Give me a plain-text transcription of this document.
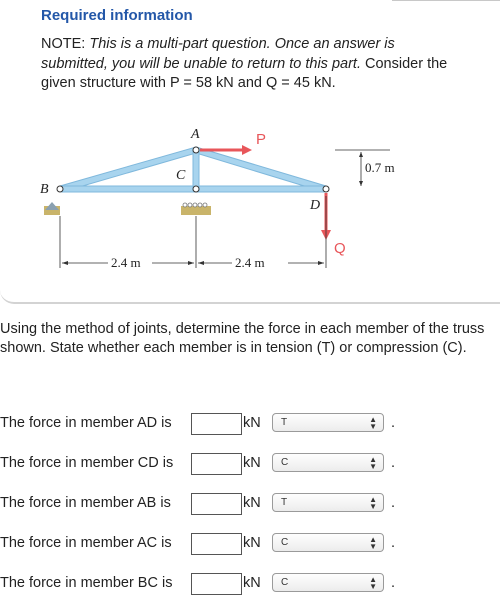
Required information
NOTE: This is a multi-part question. Once an answer is submitted, you will be unable to return to this part. Consider the given structure with P = 58 kN and Q = 45 kN.
A
B
C
D
P
Q
0.7 m
2.4 m	2.4 m
Using the method of joints, determine the force in each member of the truss shown. State whether each member is in tension (T) or compression (C).
The force in member AD is	kN T	▲
▼ .
The force in member CD is	kN C	▲
▼ .
The force in member AB is	kN T	▲
▼ .
The force in member AC is	kN C	▲
▼ .
The force in member BC is	kN C	▲
▼ .
